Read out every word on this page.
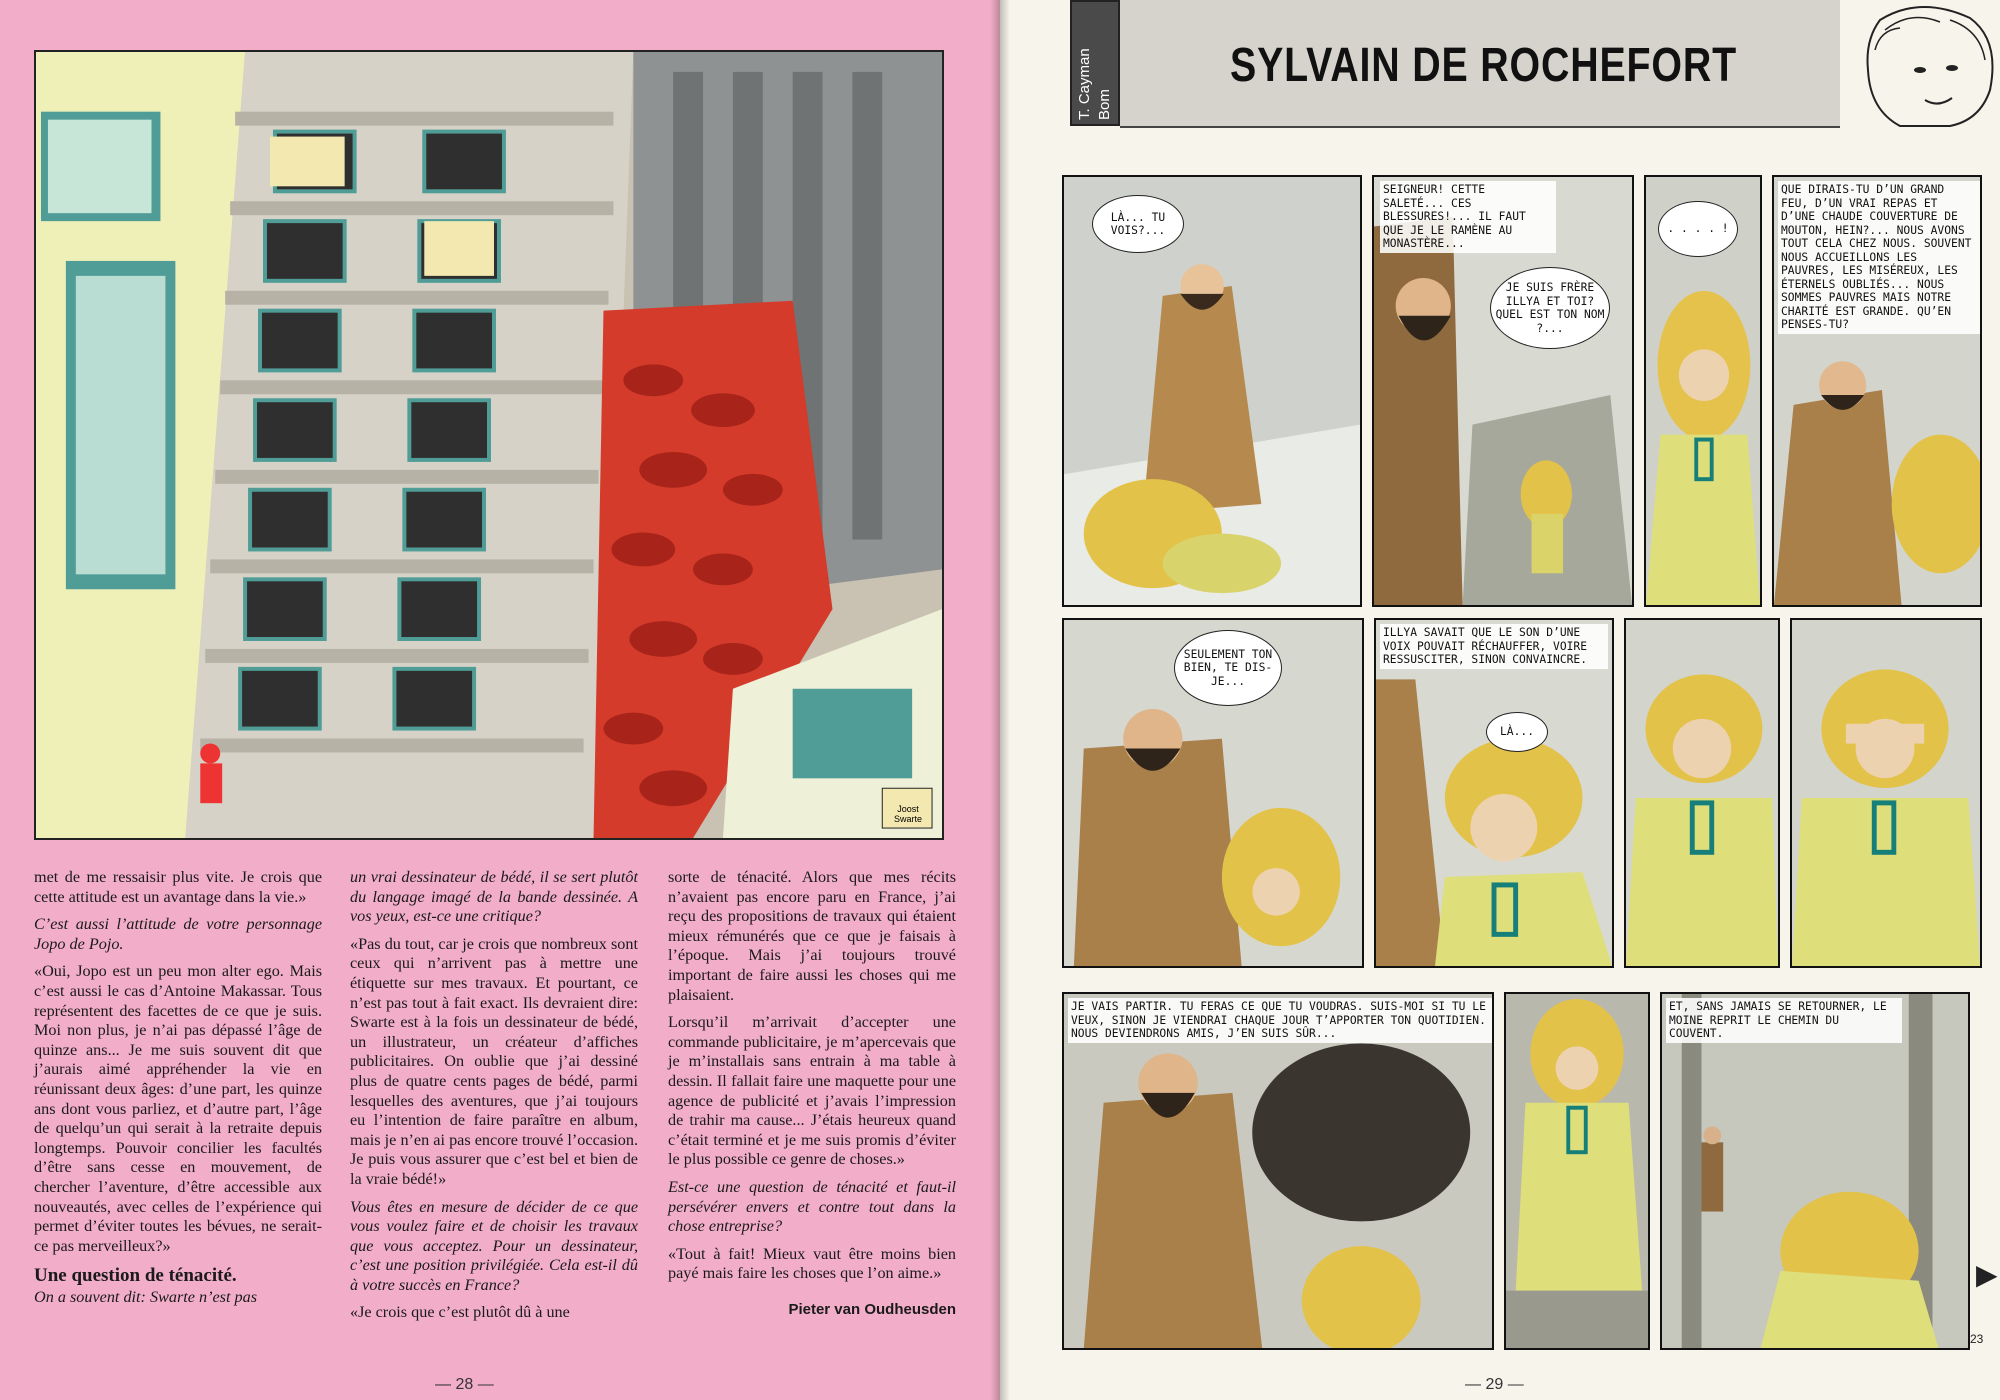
Joost Swarte

met de me ressaisir plus vite. Je crois que cette attitude est un avantage dans la vie.»

C’est aussi l’attitude de votre personnage Jopo de Pojo.

«Oui, Jopo est un peu mon alter ego. Mais c’est aussi le cas d’Antoine Makassar. Tous représentent des facettes de ce que je suis. Moi non plus, je n’ai pas dépassé l’âge de quinze ans... Je me suis souvent dit que j’aurais aimé appréhender la vie en réunissant deux âges: d’une part, les quinze ans dont vous parliez, et d’autre part, l’âge de quelqu’un qui serait à la retraite depuis longtemps. Pouvoir concilier les facultés d’être sans cesse en mouvement, de chercher l’aventure, d’être accessible aux nouveautés, avec celles de l’expérience qui permet d’éviter toutes les bévues, ne serait-ce pas merveilleux?»

Une question de ténacité.

On a souvent dit: Swarte n’est pas

un vrai dessinateur de bédé, il se sert plutôt du langage imagé de la bande dessinée. A vos yeux, est-ce une critique?

«Pas du tout, car je crois que nombreux sont ceux qui n’arrivent pas à mettre une étiquette sur mes travaux. Et pourtant, ce n’est pas tout à fait exact. Ils devraient dire: Swarte est à la fois un dessinateur de bédé, un illustrateur, un créateur d’affiches publicitaires. On oublie que j’ai dessiné plus de quatre cents pages de bédé, parmi lesquelles des aventures, que j’ai toujours eu l’intention de faire paraître en album, mais je n’en ai pas encore trouvé l’occasion. Je puis vous assurer que c’est bel et bien de la vraie bédé!»

Vous êtes en mesure de décider de ce que vous voulez faire et de choisir les travaux que vous acceptez. Pour un dessinateur, c’est une position privilégiée. Cela est-il dû à votre succès en France?

«Je crois que c’est plutôt dû à une

sorte de ténacité. Alors que mes récits n’avaient pas encore paru en France, j’ai reçu des propositions de travaux qui étaient mieux rémunérés que ce que je faisais à l’époque. Mais j’ai toujours trouvé important de faire aussi les choses qui me plaisaient.

Lorsqu’il m’arrivait d’accepter une commande publicitaire, je m’apercevais que je m’installais sans entrain à ma table à dessin. Il fallait faire une maquette pour une agence de publicité et j’avais l’impression de trahir ma cause... J’étais heureux quand c’était terminé et je me suis promis d’éviter le plus possible ce genre de choses.»

Est-ce une question de ténacité et faut-il persévérer envers et contre tout dans la chose entreprise?

«Tout à fait! Mieux vaut être moins bien payé mais faire les choses que l’on aime.»

Pieter van Oudheusden
— 28 —
T. Cayman Bom
SYLVAIN DE ROCHEFORT
LÀ... TU VOIS?...
SEIGNEUR! CETTE SALETÉ... CES BLESSURES!... IL FAUT QUE JE LE RAMÈNE AU MONASTÈRE...
JE SUIS FRÈRE ILLYA ET TOI? QUEL EST TON NOM ?...
. . . . !
QUE DIRAIS-TU D’UN GRAND FEU, D’UN VRAI REPAS ET D’UNE CHAUDE COUVERTURE DE MOUTON, HEIN?... NOUS AVONS TOUT CELA CHEZ NOUS. SOUVENT NOUS ACCUEILLONS LES PAUVRES, LES MISÉREUX, LES ÉTERNELS OUBLIÉS... NOUS SOMMES PAUVRES MAIS NOTRE CHARITÉ EST GRANDE. QU’EN PENSES-TU?
SEULEMENT TON BIEN, TE DIS-JE...
ILLYA SAVAIT QUE LE SON D’UNE VOIX POUVAIT RÉCHAUFFER, VOIRE RESSUSCITER, SINON CONVAINCRE.
LÀ...
JE VAIS PARTIR. TU FERAS CE QUE TU VOUDRAS. SUIS-MOI SI TU LE VEUX, SINON JE VIENDRAI CHAQUE JOUR T’APPORTER TON QUOTIDIEN. NOUS DEVIENDRONS AMIS, J’EN SUIS SÛR...
ET, SANS JAMAIS SE RETOURNER, LE MOINE REPRIT LE CHEMIN DU COUVENT.
▶
23
— 29 —
